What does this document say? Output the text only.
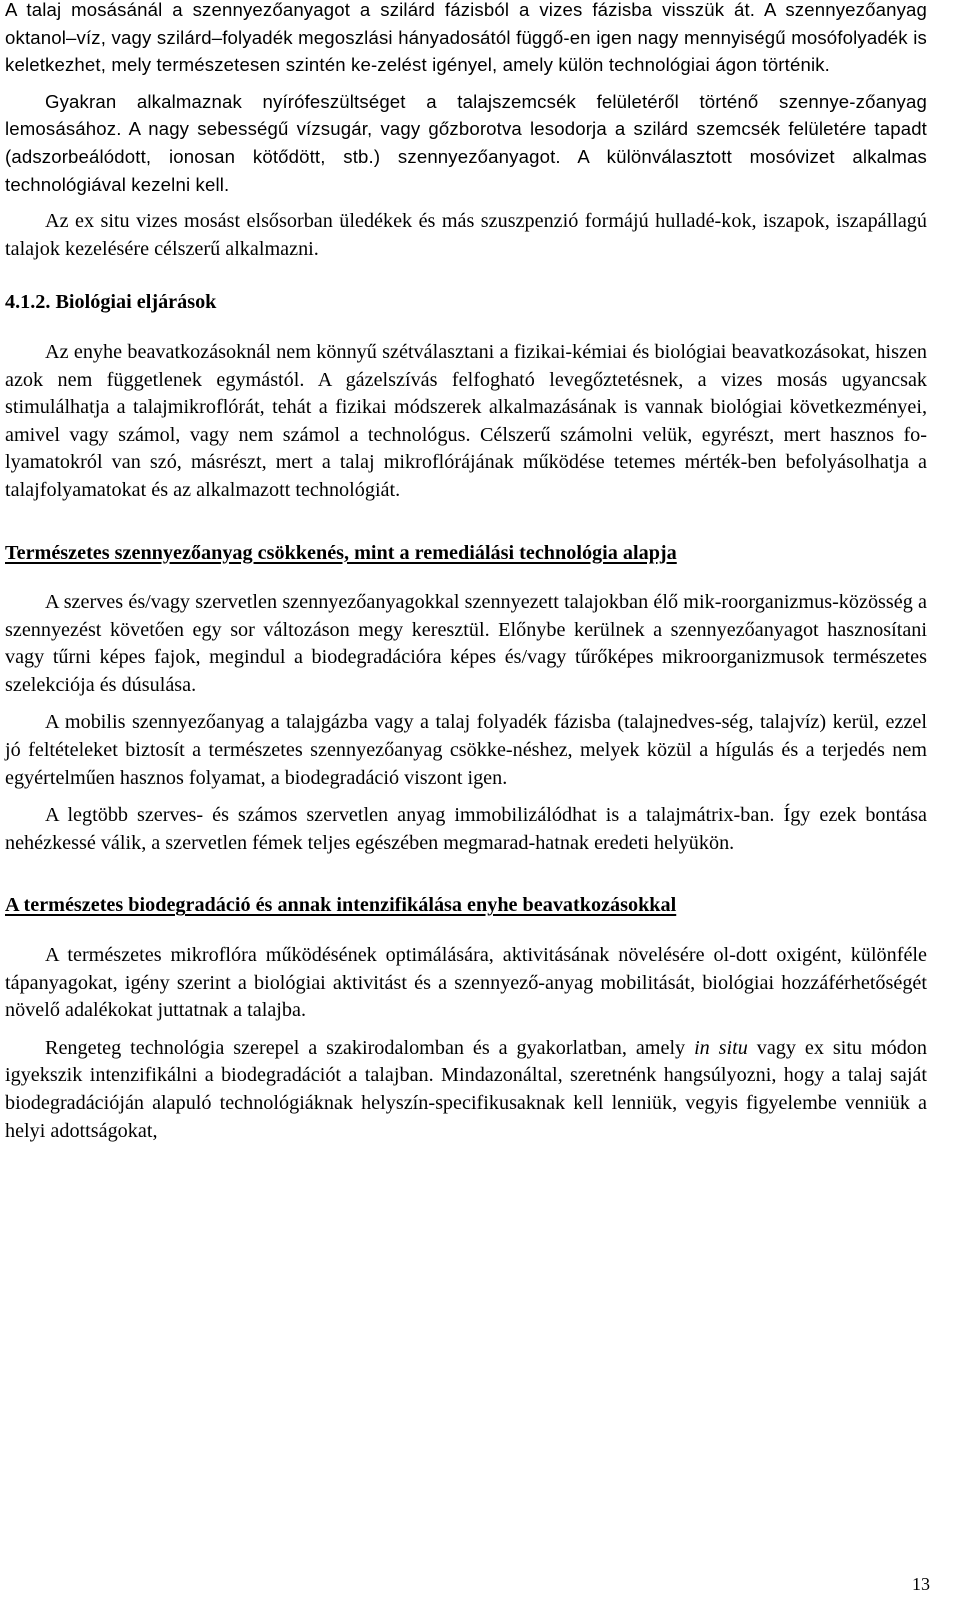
A talaj mosásánál a szennyezőanyagot a szilárd fázisból a vizes fázisba visszük át. A szennyezőanyag oktanol–víz, vagy szilárd–folyadék megoszlási hányadosától függő-en igen nagy mennyiségű mosófolyadék is keletkezhet, mely természetesen szintén ke-zelést igényel, amely külön technológiai ágon történik.

Gyakran alkalmaznak nyírófeszültséget a talajszemcsék felületéről történő szennye-zőanyag lemosásához. A nagy sebességű vízsugár, vagy gőzborotva lesodorja a szilárd szemcsék felületére tapadt (adszorbeálódott, ionosan kötődött, stb.) szennyezőanyagot. A különválasztott mosóvizet alkalmas technológiával kezelni kell.

Az ex situ vizes mosást elsősorban üledékek és más szuszpenzió formájú hulladé-kok, iszapok, iszapállagú talajok kezelésére célszerű alkalmazni.

4.1.2. Biológiai eljárások

Az enyhe beavatkozásoknál nem könnyű szétválasztani a fizikai-kémiai és biológiai beavatkozásokat, hiszen azok nem függetlenek egymástól. A gázelszívás felfogható levegőztetésnek, a vizes mosás ugyancsak stimulálhatja a talajmikroflórát, tehát a fizikai módszerek alkalmazásának is vannak biológiai következményei, amivel vagy számol, vagy nem számol a technológus. Célszerű számolni velük, egyrészt, mert hasznos fo-lyamatokról van szó, másrészt, mert a talaj mikroflórájának működése tetemes mérték-ben befolyásolhatja a talajfolyamatokat és az alkalmazott technológiát.

Természetes szennyezőanyag csökkenés, mint a remediálási technológia alapja

A szerves és/vagy szervetlen szennyezőanyagokkal szennyezett talajokban élő mik-roorganizmus-közösség a szennyezést követően egy sor változáson megy keresztül. Előnybe kerülnek a szennyezőanyagot hasznosítani vagy tűrni képes fajok, megindul a biodegradációra képes és/vagy tűrőképes mikroorganizmusok természetes szelekciója és dúsulása.

A mobilis szennyezőanyag a talajgázba vagy a talaj folyadék fázisba (talajnedves-ség, talajvíz) kerül, ezzel jó feltételeket biztosít a természetes szennyezőanyag csökke-néshez, melyek közül a hígulás és a terjedés nem egyértelműen hasznos folyamat, a biodegradáció viszont igen.

A legtöbb szerves- és számos szervetlen anyag immobilizálódhat is a talajmátrix-ban. Így ezek bontása nehézkessé válik, a szervetlen fémek teljes egészében megmarad-hatnak eredeti helyükön.

A természetes biodegradáció és annak intenzifikálása enyhe beavatkozásokkal

A természetes mikroflóra működésének optimálására, aktivitásának növelésére ol-dott oxigént, különféle tápanyagokat, igény szerint a biológiai aktivitást és a szennyező-anyag mobilitását, biológiai hozzáférhetőségét növelő adalékokat juttatnak a talajba.

Rengeteg technológia szerepel a szakirodalomban és a gyakorlatban, amely in situ vagy ex situ módon igyekszik intenzifikálni a biodegradációt a talajban. Mindazonáltal, szeretnénk hangsúlyozni, hogy a talaj saját biodegradációján alapuló technológiáknak helyszín-specifikusaknak kell lenniük, vegyis figyelembe venniük a helyi adottságokat,

13
